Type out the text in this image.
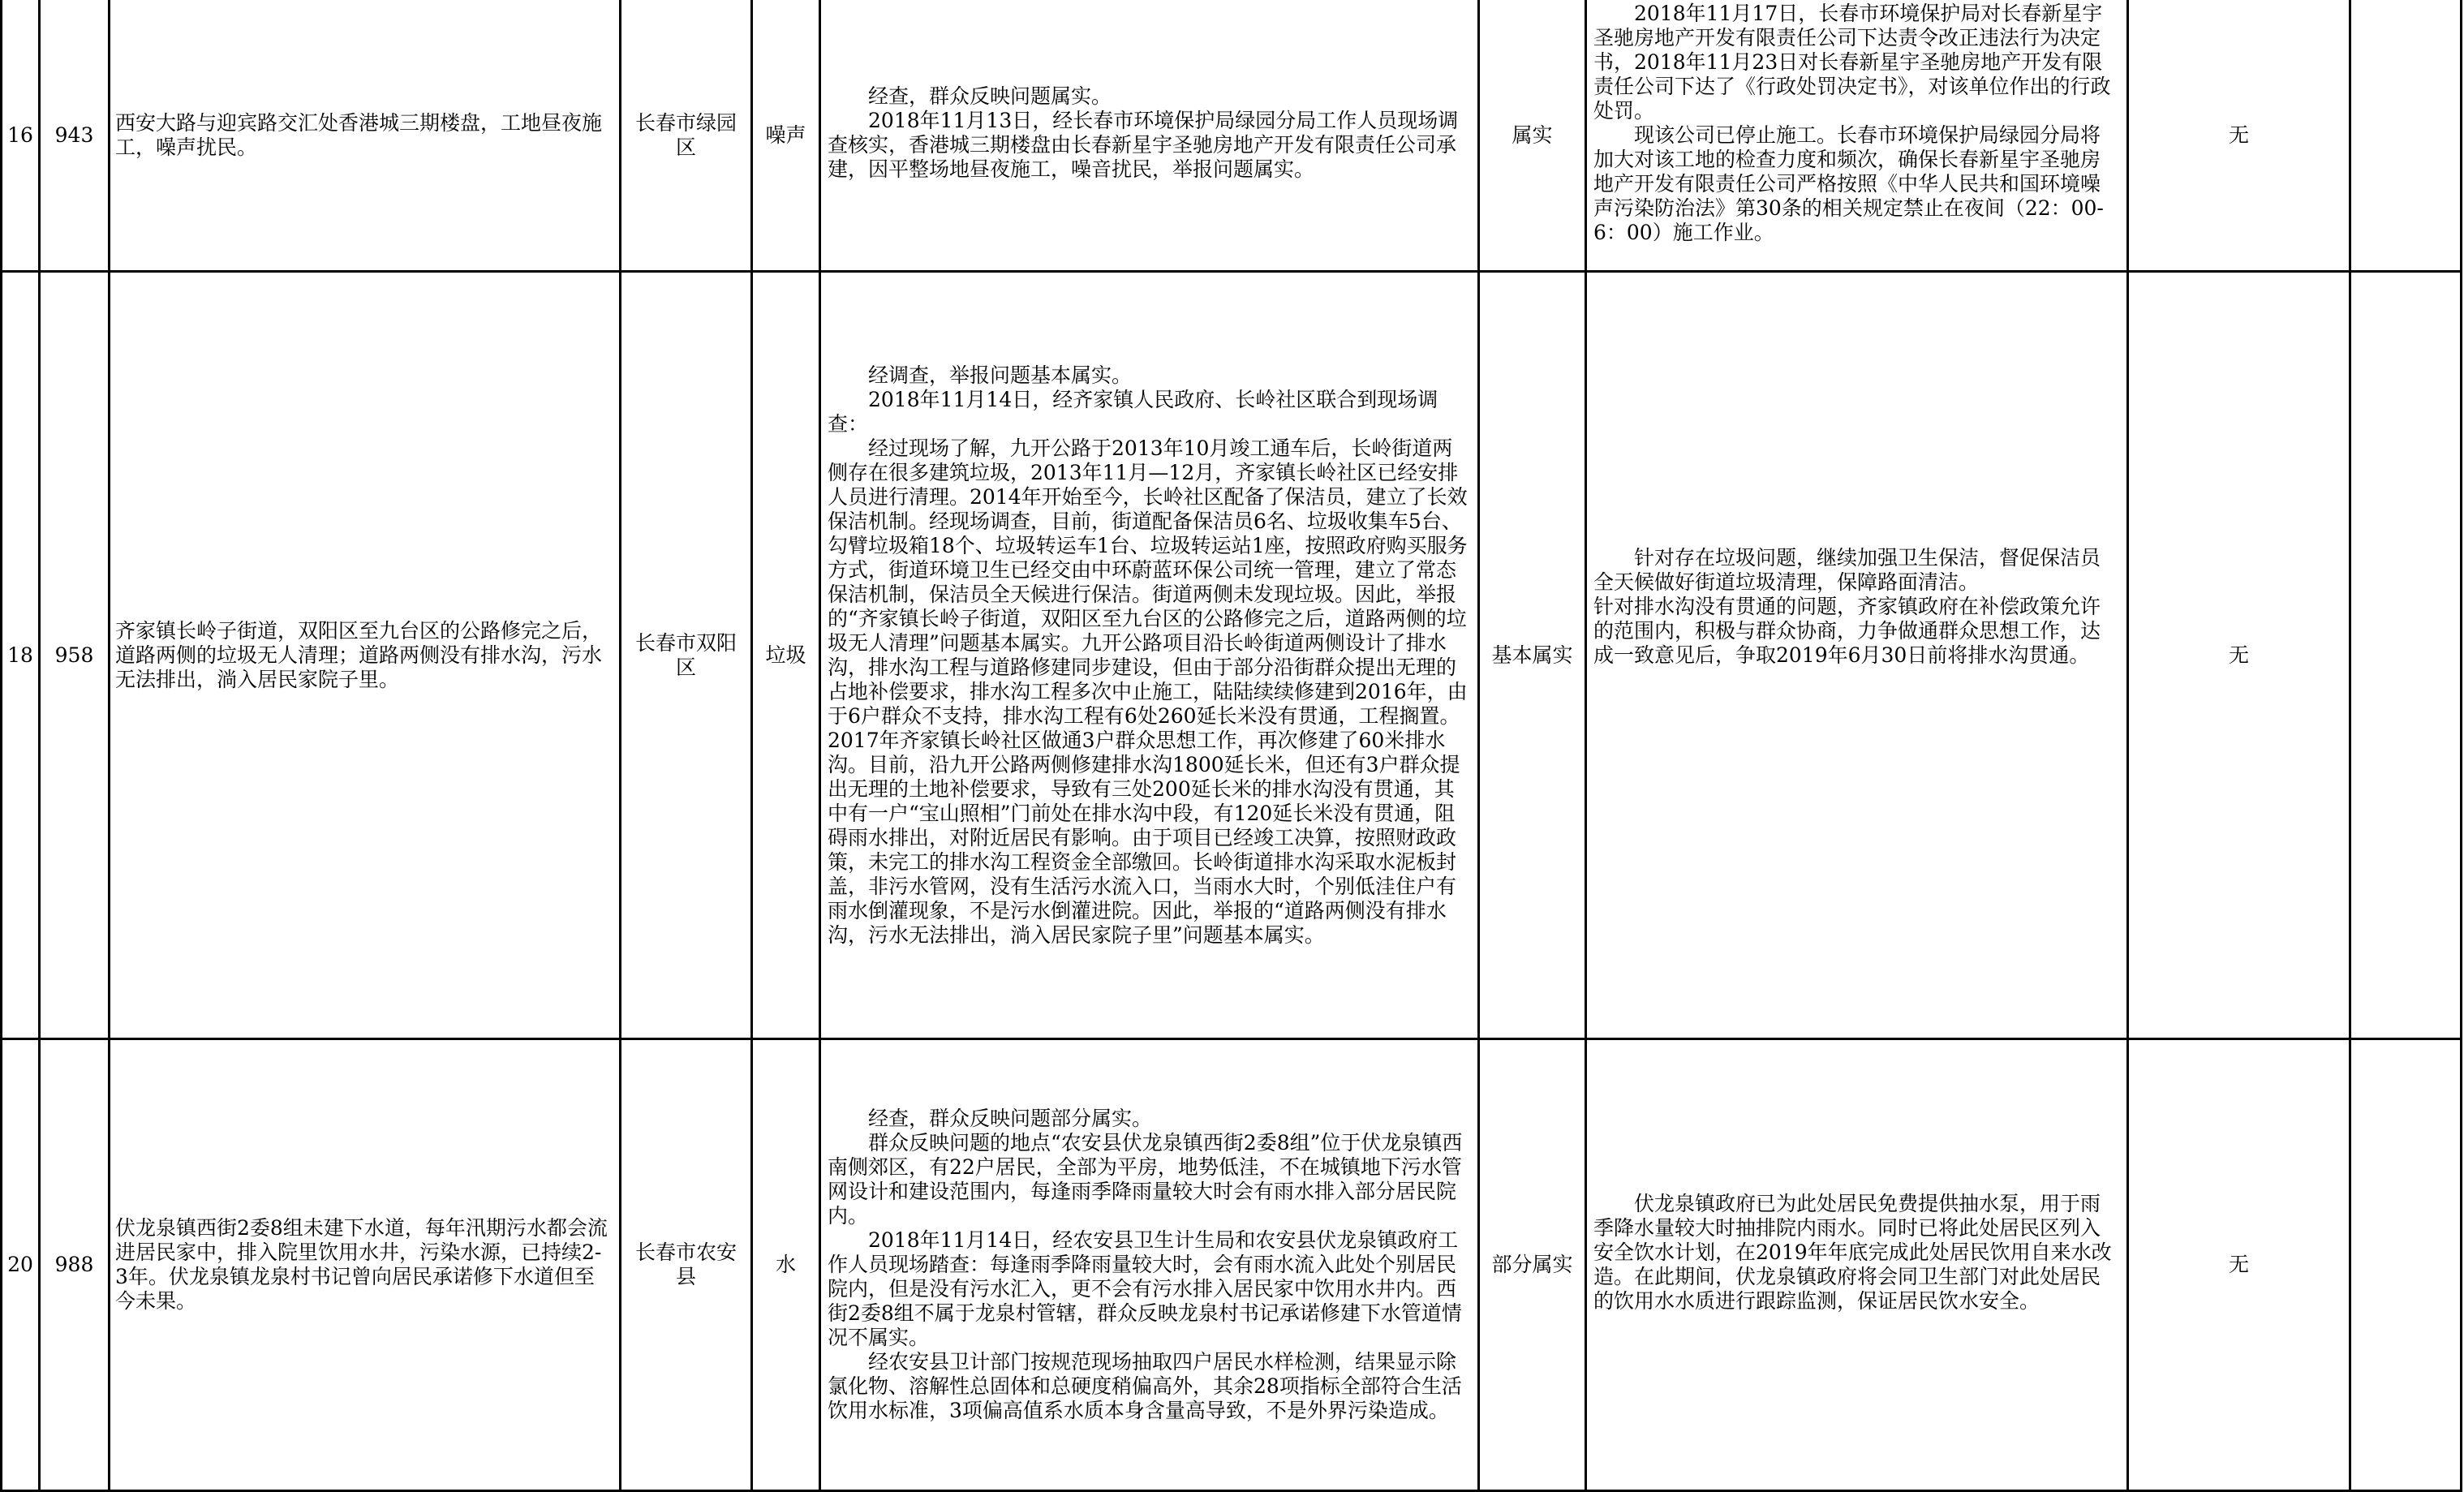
16 943
西安大路与迎宾路交汇处香港城三期楼盘，工地昼夜施工，噪声扰民。
长春市绿园区
噪声

经查，群众反映问题属实。

2018年11月13日，经长春市环境保护局绿园分局工作人员现场调查核实，香港城三期楼盘由长春新星宇圣驰房地产开发有限责任公司承建，因平整场地昼夜施工，噪音扰民，举报问题属实。

属实

2018年11月17日，长春市环境保护局对长春新星宇圣驰房地产开发有限责任公司下达责令改正违法行为决定书，2018年11月23日对长春新星宇圣驰房地产开发有限责任公司下达了《行政处罚决定书》，对该单位作出的行政处罚。

现该公司已停止施工。长春市环境保护局绿园分局将加大对该工地的检查力度和频次，确保长春新星宇圣驰房地产开发有限责任公司严格按照《中华人民共和国环境噪声污染防治法》第30条的相关规定禁止在夜间（22：00-6：00）施工作业。

无
18 958
齐家镇长岭子街道，双阳区至九台区的公路修完之后，道路两侧的垃圾无人清理；道路两侧没有排水沟，污水无法排出，淌入居民家院子里。
长春市双阳区
垃圾

经调查，举报问题基本属实。

2018年11月14日，经齐家镇人民政府、长岭社区联合到现场调查：

经过现场了解，九开公路于2013年10月竣工通车后，长岭街道两侧存在很多建筑垃圾，2013年11月—12月，齐家镇长岭社区已经安排人员进行清理。2014年开始至今，长岭社区配备了保洁员，建立了长效保洁机制。经现场调查，目前，街道配备保洁员6名、垃圾收集车5台、勾臂垃圾箱18个、垃圾转运车1台、垃圾转运站1座，按照政府购买服务方式，街道环境卫生已经交由中环蔚蓝环保公司统一管理，建立了常态保洁机制，保洁员全天候进行保洁。街道两侧未发现垃圾。因此，举报的“齐家镇长岭子街道，双阳区至九台区的公路修完之后，道路两侧的垃圾无人清理”问题基本属实。九开公路项目沿长岭街道两侧设计了排水沟，排水沟工程与道路修建同步建设，但由于部分沿街群众提出无理的占地补偿要求，排水沟工程多次中止施工，陆陆续续修建到2016年，由于6户群众不支持，排水沟工程有6处260延长米没有贯通，工程搁置。2017年齐家镇长岭社区做通3户群众思想工作，再次修建了60米排水沟。目前，沿九开公路两侧修建排水沟1800延长米，但还有3户群众提出无理的土地补偿要求，导致有三处200延长米的排水沟没有贯通，其中有一户“宝山照相”门前处在排水沟中段，有120延长米没有贯通，阻碍雨水排出，对附近居民有影响。由于项目已经竣工决算，按照财政政策，未完工的排水沟工程资金全部缴回。长岭街道排水沟采取水泥板封盖，非污水管网，没有生活污水流入口，当雨水大时，个别低洼住户有雨水倒灌现象，不是污水倒灌进院。因此，举报的“道路两侧没有排水沟，污水无法排出，淌入居民家院子里”问题基本属实。

基本属实

针对存在垃圾问题，继续加强卫生保洁，督促保洁员全天候做好街道垃圾清理，保障路面清洁。

针对排水沟没有贯通的问题，齐家镇政府在补偿政策允许的范围内，积极与群众协商，力争做通群众思想工作，达成一致意见后，争取2019年6月30日前将排水沟贯通。	无
20 988
伏龙泉镇西街2委8组未建下水道，每年汛期污水都会流进居民家中，排入院里饮用水井，污染水源，已持续2-3年。伏龙泉镇龙泉村书记曾向居民承诺修下水道但至今未果。
长春市农安县
水

经查，群众反映问题部分属实。

群众反映问题的地点“农安县伏龙泉镇西街2委8组”位于伏龙泉镇西南侧郊区，有22户居民，全部为平房，地势低洼，不在城镇地下污水管网设计和建设范围内，每逢雨季降雨量较大时会有雨水排入部分居民院内。

2018年11月14日，经农安县卫生计生局和农安县伏龙泉镇政府工作人员现场踏查：每逢雨季降雨量较大时，会有雨水流入此处个别居民院内，但是没有污水汇入，更不会有污水排入居民家中饮用水井内。西街2委8组不属于龙泉村管辖，群众反映龙泉村书记承诺修建下水管道情况不属实。

经农安县卫计部门按规范现场抽取四户居民水样检测，结果显示除氯化物、溶解性总固体和总硬度稍偏高外，其余28项指标全部符合生活饮用水标准，3项偏高值系水质本身含量高导致，不是外界污染造成。

部分属实

伏龙泉镇政府已为此处居民免费提供抽水泵，用于雨季降水量较大时抽排院内雨水。同时已将此处居民区列入安全饮水计划，在2019年年底完成此处居民饮用自来水改造。在此期间，伏龙泉镇政府将会同卫生部门对此处居民的饮用水水质进行跟踪监测，保证居民饮水安全。

无
